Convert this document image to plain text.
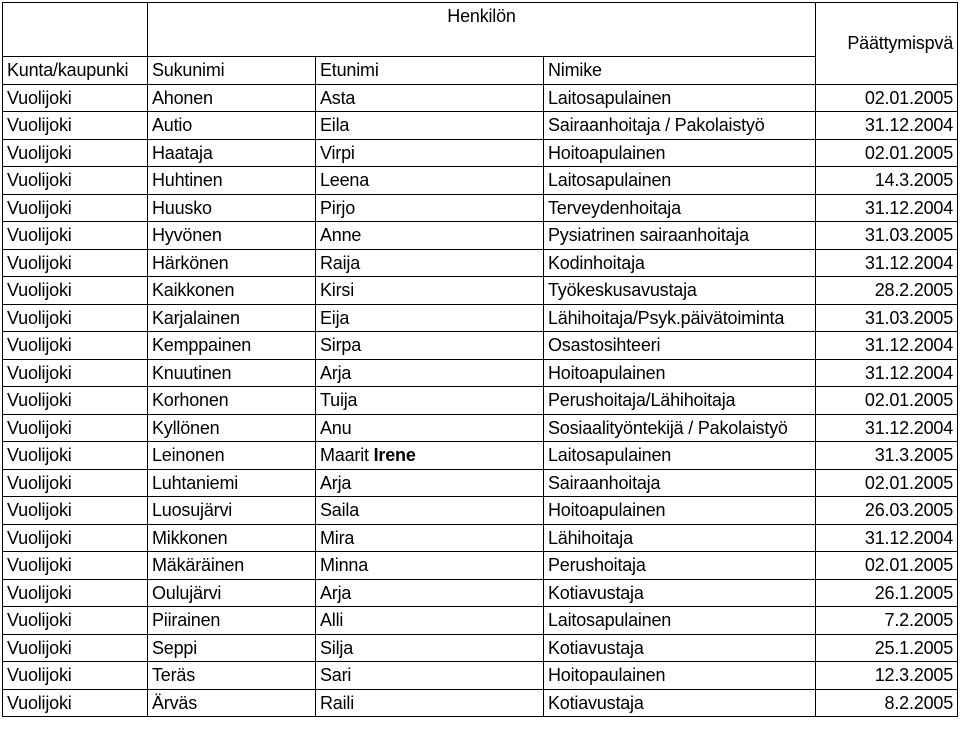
	Henkilön			
				Päättymispvä
Kunta/kaupunki	Sukunimi	Etunimi	Nimike	
Vuolijoki	Ahonen	Asta	Laitosapulainen	02.01.2005
Vuolijoki	Autio	Eila	Sairaanhoitaja / Pakolaistyö	31.12.2004
Vuolijoki	Haataja	Virpi	Hoitoapulainen	02.01.2005
Vuolijoki	Huhtinen	Leena	Laitosapulainen	14.3.2005
Vuolijoki	Huusko	Pirjo	Terveydenhoitaja	31.12.2004
Vuolijoki	Hyvönen	Anne	Pysiatrinen sairaanhoitaja	31.03.2005
Vuolijoki	Härkönen	Raija	Kodinhoitaja	31.12.2004
Vuolijoki	Kaikkonen	Kirsi	Työkeskusavustaja	28.2.2005
Vuolijoki	Karjalainen	Eija	Lähihoitaja/Psyk.päivätoiminta	31.03.2005
Vuolijoki	Kemppainen	Sirpa	Osastosihteeri	31.12.2004
Vuolijoki	Knuutinen	Arja	Hoitoapulainen	31.12.2004
Vuolijoki	Korhonen	Tuija	Perushoitaja/Lähihoitaja	02.01.2005
Vuolijoki	Kyllönen	Anu	Sosiaalityöntekijä / Pakolaistyö	31.12.2004
Vuolijoki	Leinonen	Maarit Irene	Laitosapulainen	31.3.2005
Vuolijoki	Luhtaniemi	Arja	Sairaanhoitaja	02.01.2005
Vuolijoki	Luosujärvi	Saila	Hoitoapulainen	26.03.2005
Vuolijoki	Mikkonen	Mira	Lähihoitaja	31.12.2004
Vuolijoki	Mäkäräinen	Minna	Perushoitaja	02.01.2005
Vuolijoki	Oulujärvi	Arja	Kotiavustaja	26.1.2005
Vuolijoki	Piirainen	Alli	Laitosapulainen	7.2.2005
Vuolijoki	Seppi	Silja	Kotiavustaja	25.1.2005
Vuolijoki	Teräs	Sari	Hoitopaulainen	12.3.2005
Vuolijoki	Ärväs	Raili	Kotiavustaja	8.2.2005
